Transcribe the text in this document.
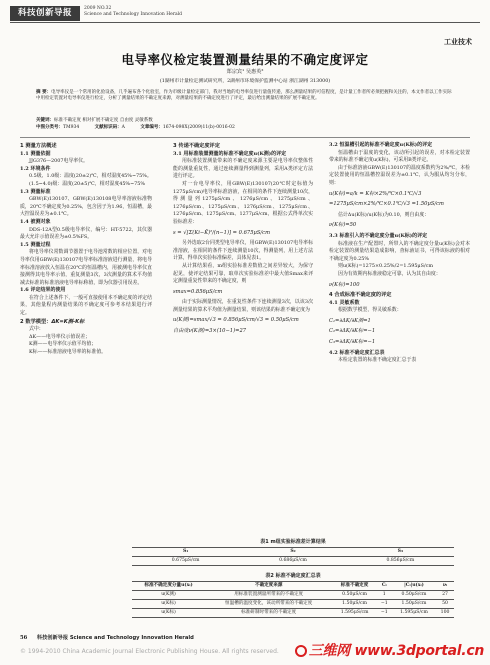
科技创新导报	2009 NO.32
Science and Technology Innovation Herald
工业技术
电导率仪检定装置测量结果的不确定度评定
郑宗宾¹ 吴惠英²
(1湖州市计量检定测试研究所，2湖州市环境保护监测中心站 浙江湖州 313000)
摘 要：电导率仪是一个常用的化验设备，几乎遍布各个化验室，作为市级计量检定部门，我对当地的电导率仪进行量值传递，那么测量结果的可信程度，是计量工作者所必须把握和关注的，本文作者以工作实际中用检定装置对电导率仪进行检定，分析了测量结果的不确定度来源，对测量结果的不确定度进行了评定，最后给出测量结果的扩展不确定度。
关键词：标准不确定度 相对扩展不确定度 自由度 灵敏系数
中图分类号：TM934	文献标识码：A	文章编号：1674-098X(2009)11(b)-0016-02

1 测量方法概述

1.1 测量依据

JJG376—2007电导率仪。

1.2 环境条件

0.5级、1.0级：温度(20±2)℃，相对湿度45%~75%。

(1.5~4.0)级：温度(20±5)℃，相对湿度45%~75%

1.3 测量标准

GBW(E)130107、GBW(E)130108电导率溶液标准物质，20℃不确定度为0.25%，包含因子为1.96，恒温槽，最大控温误差为±0.1℃。

1.4 被测对象

DDS-12A型0.5级电导率仪，编号：HT-5722，其仪器最大允许示值误差为±0.5%FS。

1.5 测量过程

将电导率仪常数调节器置于电导池常数的相应位置，对电导率仪用GBW(E)130107电导率标准溶液进行测量，将电导率标准溶液放入恒温在20℃的恒温槽内，用被测电导率仪直接测得其电导率示值，重复测量3次，3次测量的算术平均值减去标准的标准溶液电导率标称值，即为仪器引用误差。

1.6 评定结果的使用

在符合上述条件下，一般可直接使用本不确定度的评定结果，其他量程内测量结果的不确定度可参考本结果进行评定。

2 数学模型：ΔK=K测-K标

式中：

ΔK——电导率仪示值误差；

K测——电导率仪示值平均值；

K标——标准溶液电导率的标准值。

3 传递不确定度评定

3.1 用标准装置测量的标准不确定度u(K测)的评定

用标准装置测量带来的不确定度来源主要是电导率仪整体性能的测量重复性，通过连续测量得到测量列，采用A类评定方法进行评定。

对一台电导率仪，用GBW(E)130107(20℃时定标值为1275μS/cm)电导率标准溶液，在相同的条件下连续测量10次，得测量列1275μS/cm、1276μS/cm、1275μS/cm、1276μS/cm、1275μS/cm、1276μS/cm、1275μS/cm、1276μS/cm、1275μS/cm、1277μS/cm，根据公式得单次实验标准差：

s = √[Σ(Ki−K̄)²/(n−1)] = 0.675μS/cm

另外选取2台同类型电导率仪，用GBW(E)130107电导率标准溶液，在相同的条件下连续测量10次，得测量列，用上述方法计算，得单次实验标准偏差，具体见表1。

从计算结果看，m组实验标准差数值之间差异较大，为保守起见，使评定结果可靠，取单次实验标准差中最大值Smax来评定测量重复性带来的不确定度，则

smax=0.856μS/cm

由于实际测量情况，在重复性条件下连续测量3次，以该3次测量结果的算术平均值为测量结果，则该结果的标准不确定度为

u(K测)=smax/√3 = 0.856μS/cm/√3 = 0.50μS/cm

自由度ν(K测)=3×(10−1)=27

3.2 恒温槽引起的标准不确定度u(K标)的评定

恒温槽由于温度的变化，该动所引起的误差，对本检定装置带来的标准不确定度u(K标)，可采用B类评定。

由于标准溶液GBW(E)130107的温度系数约为2%/℃，本检定装置使用的恒温槽控温误差为±0.1℃，认为服从均匀分布，则：

u(K标)=a/k = K标×2%/℃×0.1℃/√3

=1275μS/cm×2%/℃×0.1℃/√3 =1.50μS/cm

估计Δu(K标)/u(K标)为0.10，则自由度：

ν(K标)=50

3.3 标准引入的不确定度分量u(K标)的评定

标准液在生产配置时，所带入的不确定度分量u(K标)会对本检定装置的测量结果造成影响，查标液证书，可得该标液的相对不确定度为0.25%

则u(K标)=1275×0.25%/2=1.595μS/cm

因为有效期内标准液稳定可靠，认为其自由度：

ν(K标)=100

4 合成标准不确定度的评定

4.1 灵敏系数

根据数学模型，得灵敏系数：

C₁=∂ΔK/∂K测=1

C₂=∂ΔK/∂K标=−1

C₃=∂ΔK/∂K标=−1

4.2 标准不确定度汇总表

本检定装置的标准不确定度汇总于表

表1 m组实验标准差计算结果
S₁	S₂	S₃
0.675μS/cm	0.686μS/cm	0.856μS/cm
表2 标准不确定度汇总表
标准不确定度分量u(xᵢ)	不确定度来源	标准不确定度	Cᵢ	|Cᵢ|u(xᵢ)	νᵢ
u(K测)	用标准装置测量所带来的不确定度	0.50μS/cm	1	0.50μS/cm	27
u(K标)	恒温槽的温度变化，该动所带来的不确定度	1.50μS/cm	−1	1.50μS/cm	50
u(K标)	标准研制时带来的不确定度	1.595μS/cm	−1	1.595μS/cm	100
56 科技创新导报 Science and Technology Innovation Herald
© 1994-2010 China Academic Journal Electronic Publishing House. All rights reserved.	三维网 www.3dportal.cn
